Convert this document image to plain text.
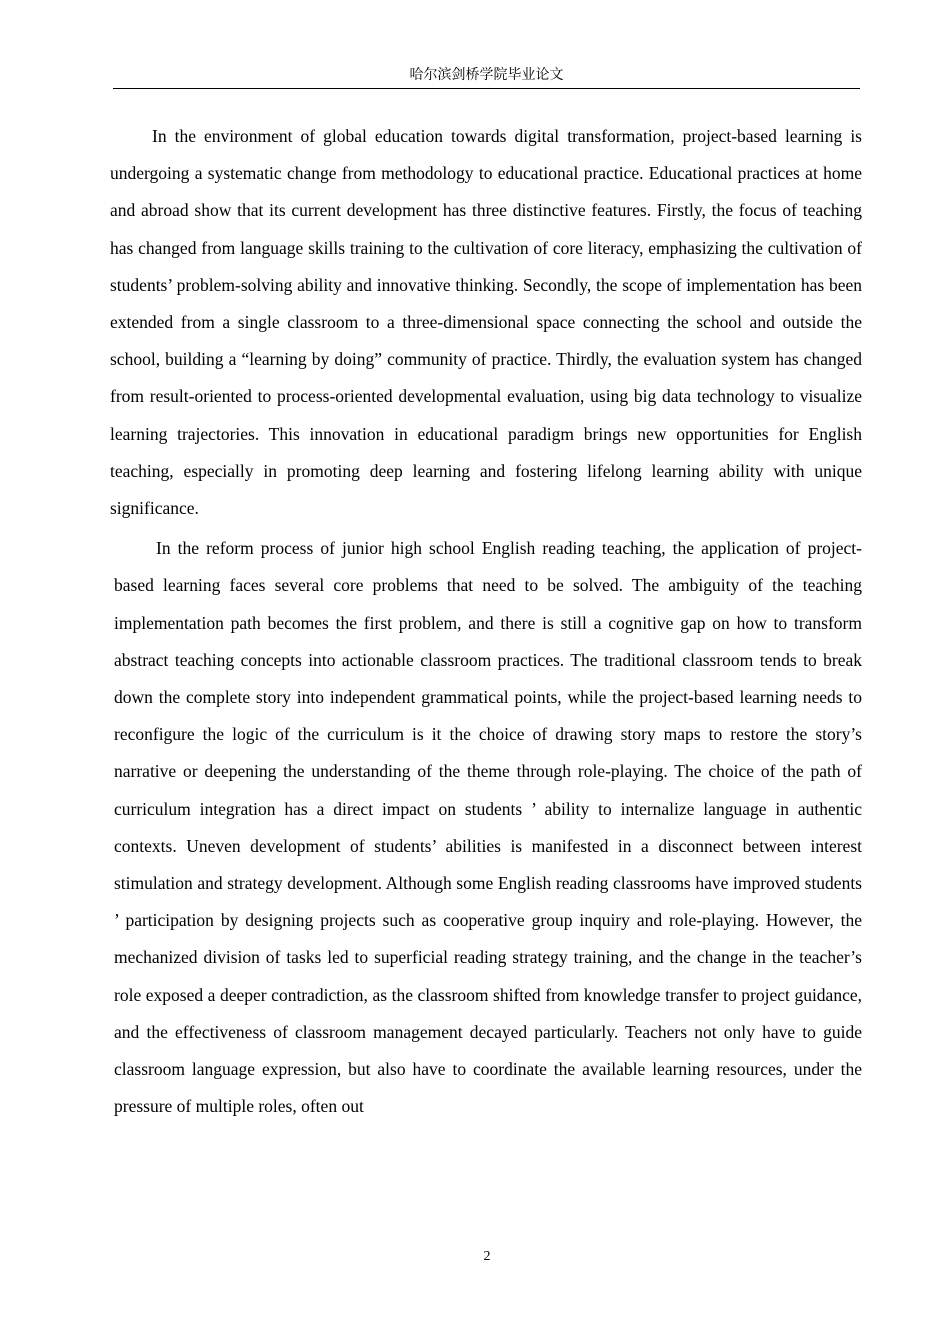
哈尔滨剑桥学院毕业论文

In the environment of global education towards digital transformation, project-based learning is undergoing a systematic change from methodology to educational practice. Educational practices at home and abroad show that its current development has three distinctive features. Firstly, the focus of teaching has changed from language skills training to the cultivation of core literacy, emphasizing the cultivation of students’ problem-solving ability and innovative thinking. Secondly, the scope of implementation has been extended from a single classroom to a three-dimensional space connecting the school and outside the school, building a “learning by doing” community of practice. Thirdly, the evaluation system has changed from result-oriented to process-oriented developmental evaluation, using big data technology to visualize learning trajectories. This innovation in educational paradigm brings new opportunities for English teaching, especially in promoting deep learning and fostering lifelong learning ability with unique significance.

In the reform process of junior high school English reading teaching, the application of project-based learning faces several core problems that need to be solved. The ambiguity of the teaching implementation path becomes the first problem, and there is still a cognitive gap on how to transform abstract teaching concepts into actionable classroom practices. The traditional classroom tends to break down the complete story into independent grammatical points, while the project-based learning needs to reconfigure the logic of the curriculum is it the choice of drawing story maps to restore the story’s narrative or deepening the understanding of the theme through role-playing. The choice of the path of curriculum integration has a direct impact on students ’ ability to internalize language in authentic contexts. Uneven development of students’ abilities is manifested in a disconnect between interest stimulation and strategy development. Although some English reading classrooms have improved students ’ participation by designing projects such as cooperative group inquiry and role-playing. However, the mechanized division of tasks led to superficial reading strategy training, and the change in the teacher’s role exposed a deeper contradiction, as the classroom shifted from knowledge transfer to project guidance, and the effectiveness of classroom management decayed particularly. Teachers not only have to guide classroom language expression, but also have to coordinate the available learning resources, under the pressure of multiple roles, often out

2
